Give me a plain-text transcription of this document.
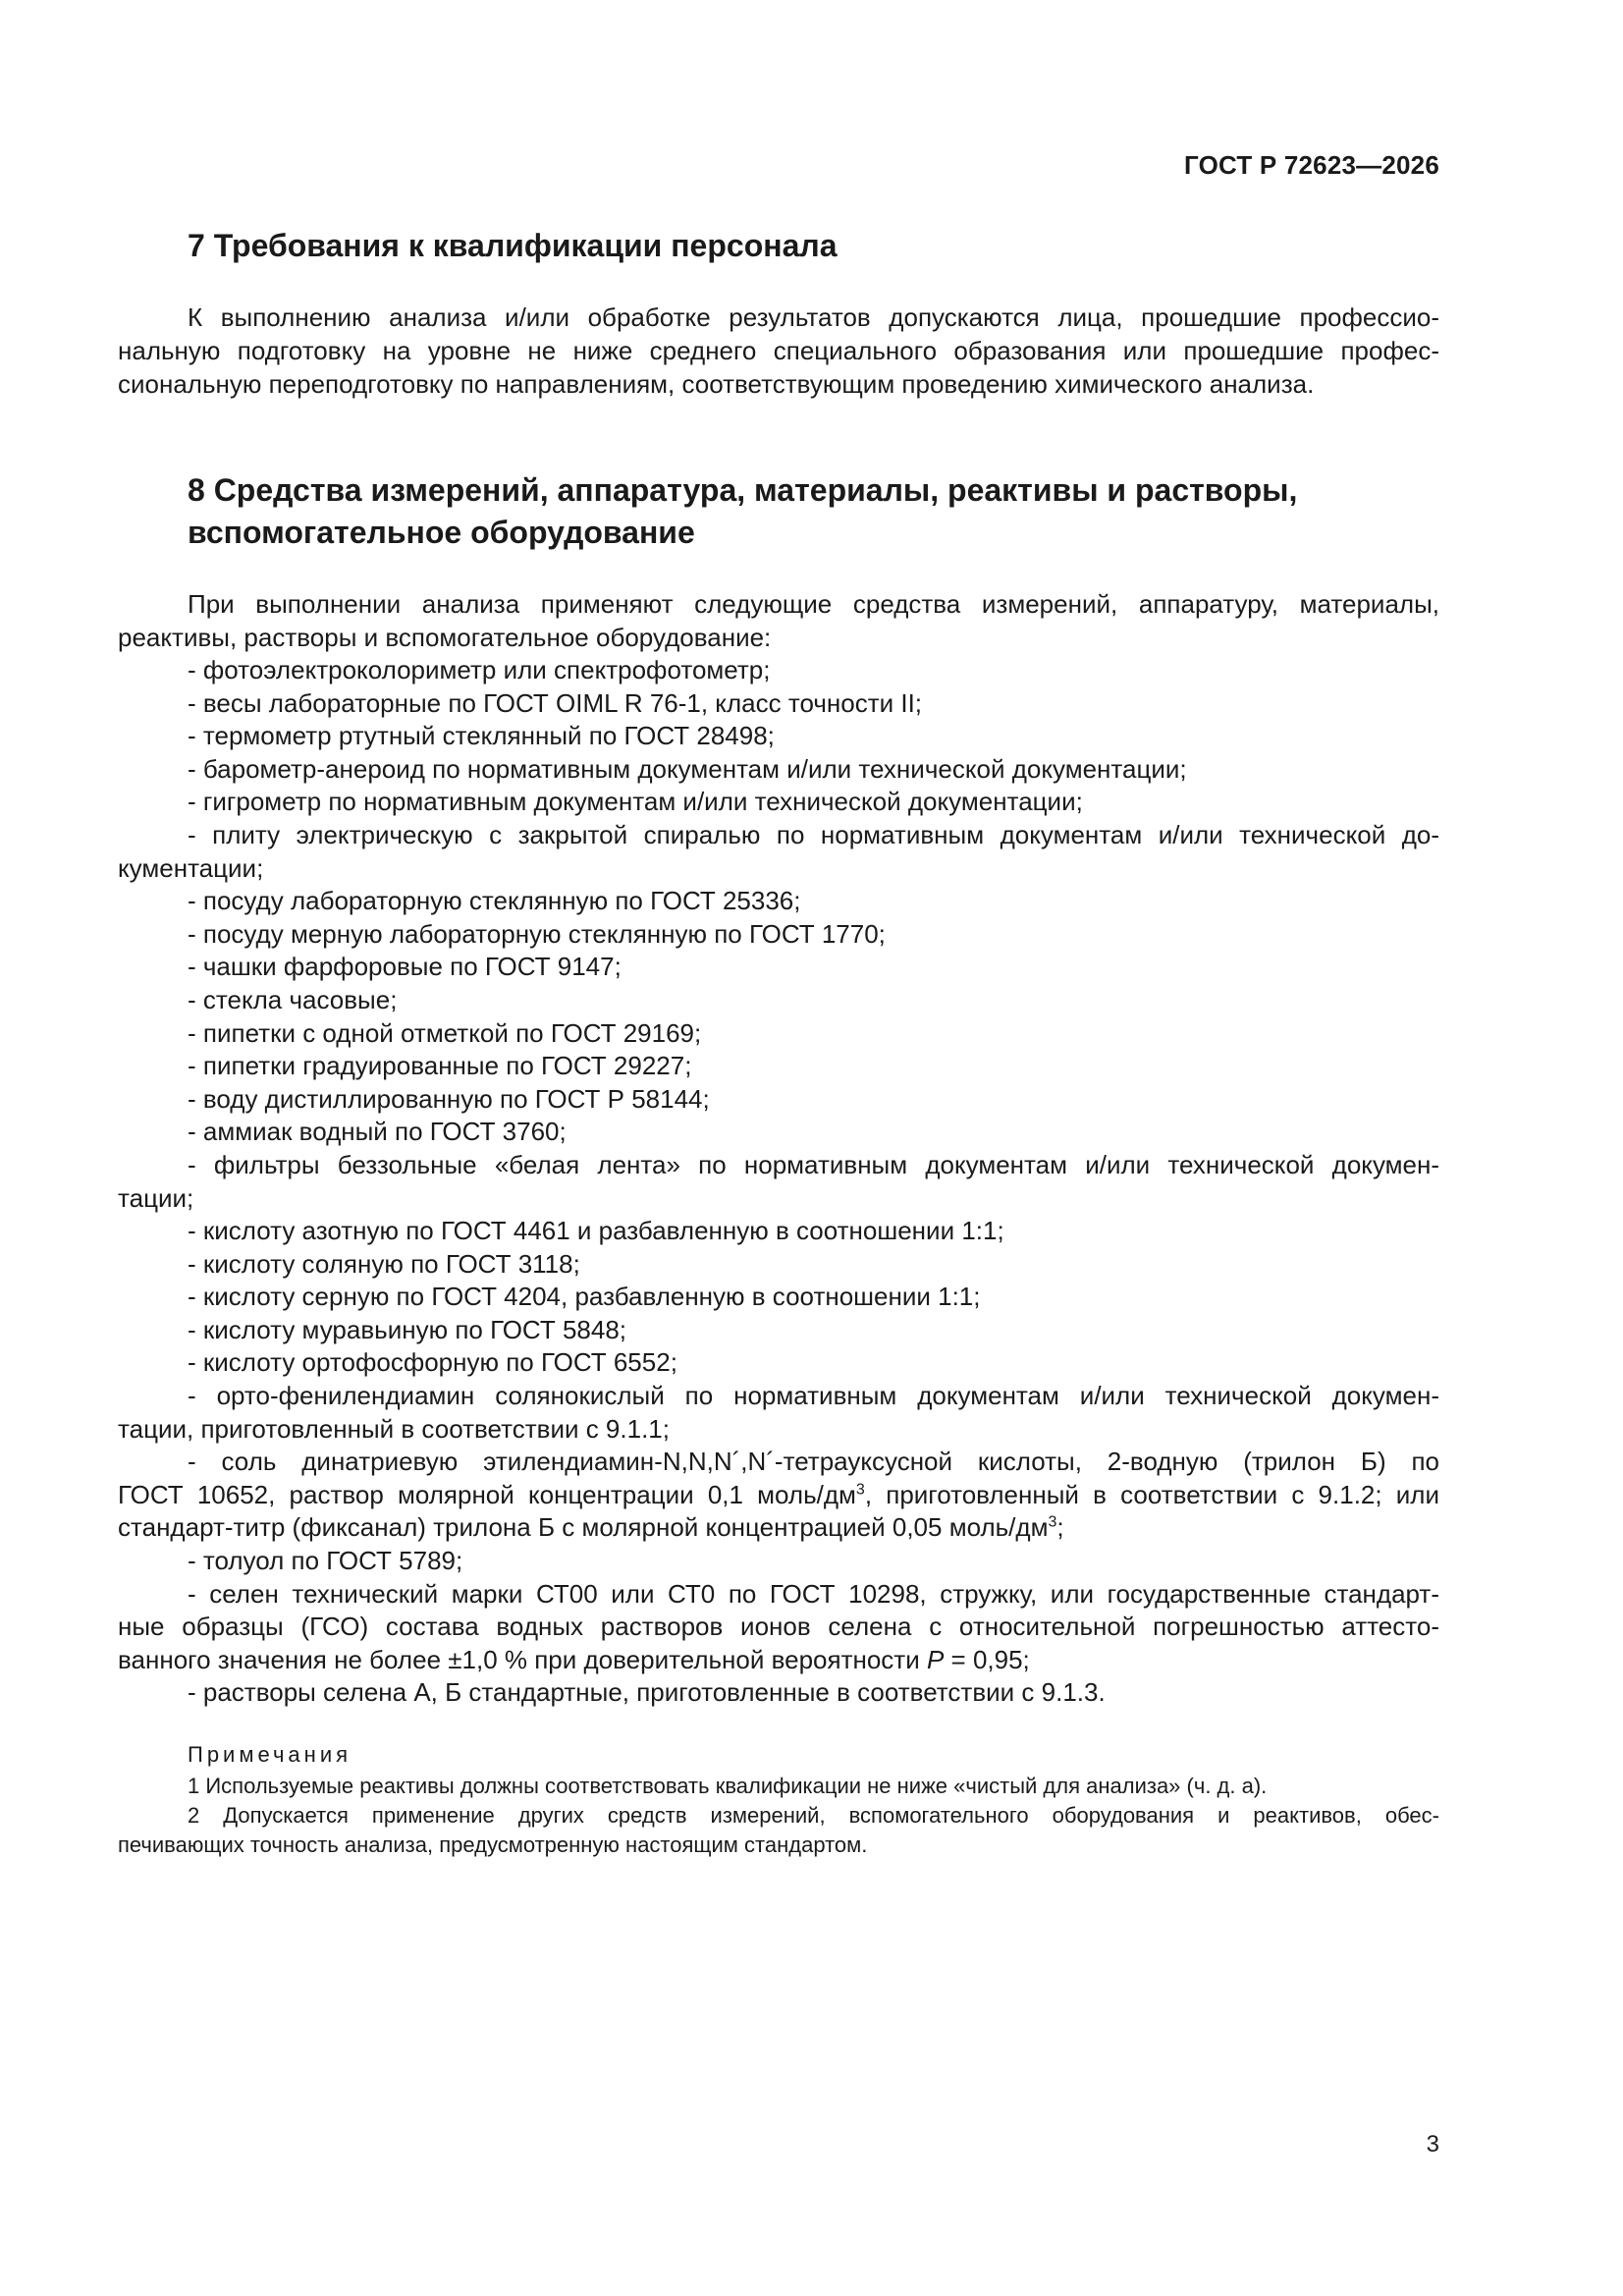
ГОСТ Р 72623—2026
7 Требования к квалификации персонала
К выполнению анализа и/или обработке результатов допускаются лица, прошедшие профессио-
нальную подготовку на уровне не ниже среднего специального образования или прошедшие профес-
сиональную переподготовку по направлениям, соответствующим проведению химического анализа.
8 Средства измерений, аппаратура, материалы, реактивы и растворы,
вспомогательное оборудование
При выполнении анализа применяют следующие средства измерений, аппаратуру, материалы,
реактивы, растворы и вспомогательное оборудование:
- фотоэлектроколориметр или спектрофотометр;
- весы лабораторные по ГОСТ OIML R 76-1, класс точности II;
- термометр ртутный стеклянный по ГОСТ 28498;
- барометр-анероид по нормативным документам и/или технической документации;
- гигрометр по нормативным документам и/или технической документации;
- плиту электрическую с закрытой спиралью по нормативным документам и/или технической до-
кументации;
- посуду лабораторную стеклянную по ГОСТ 25336;
- посуду мерную лабораторную стеклянную по ГОСТ 1770;
- чашки фарфоровые по ГОСТ 9147;
- стекла часовые;
- пипетки с одной отметкой по ГОСТ 29169;
- пипетки градуированные по ГОСТ 29227;
- воду дистиллированную по ГОСТ Р 58144;
- аммиак водный по ГОСТ 3760;
- фильтры беззольные «белая лента» по нормативным документам и/или технической докумен-
тации;
- кислоту азотную по ГОСТ 4461 и разбавленную в соотношении 1:1;
- кислоту соляную по ГОСТ 3118;
- кислоту серную по ГОСТ 4204, разбавленную в соотношении 1:1;
- кислоту муравьиную по ГОСТ 5848;
- кислоту ортофосфорную по ГОСТ 6552;
- орто-фенилендиамин солянокислый по нормативным документам и/или технической докумен-
тации, приготовленный в соответствии с 9.1.1;
- соль динатриевую этилендиамин-N,N,N´,N´-тетрауксусной кислоты, 2-водную (трилон Б) по
ГОСТ 10652, раствор молярной концентрации 0,1 моль/$дм^3$, приготовленный в соответствии с 9.1.2; или
стандарт-титр (фиксанал) трилона Б с молярной концентрацией 0,05 моль/$дм^3$;
- толуол по ГОСТ 5789;
- селен технический марки СТ00 или СТ0 по ГОСТ 10298, стружку, или государственные стандарт-
ные образцы (ГСО) состава водных растворов ионов селена с относительной погрешностью аттесто-
ванного значения не более ±1,0 % при доверительной вероятности P = 0,95;
- растворы селена А, Б стандартные, приготовленные в соответствии с 9.1.3.
Примечания
1 Используемые реактивы должны соответствовать квалификации не ниже «чистый для анализа» (ч. д. а).
2 Допускается применение других средств измерений, вспомогательного оборудования и реактивов, обес-
печивающих точность анализа, предусмотренную настоящим стандартом.
3
